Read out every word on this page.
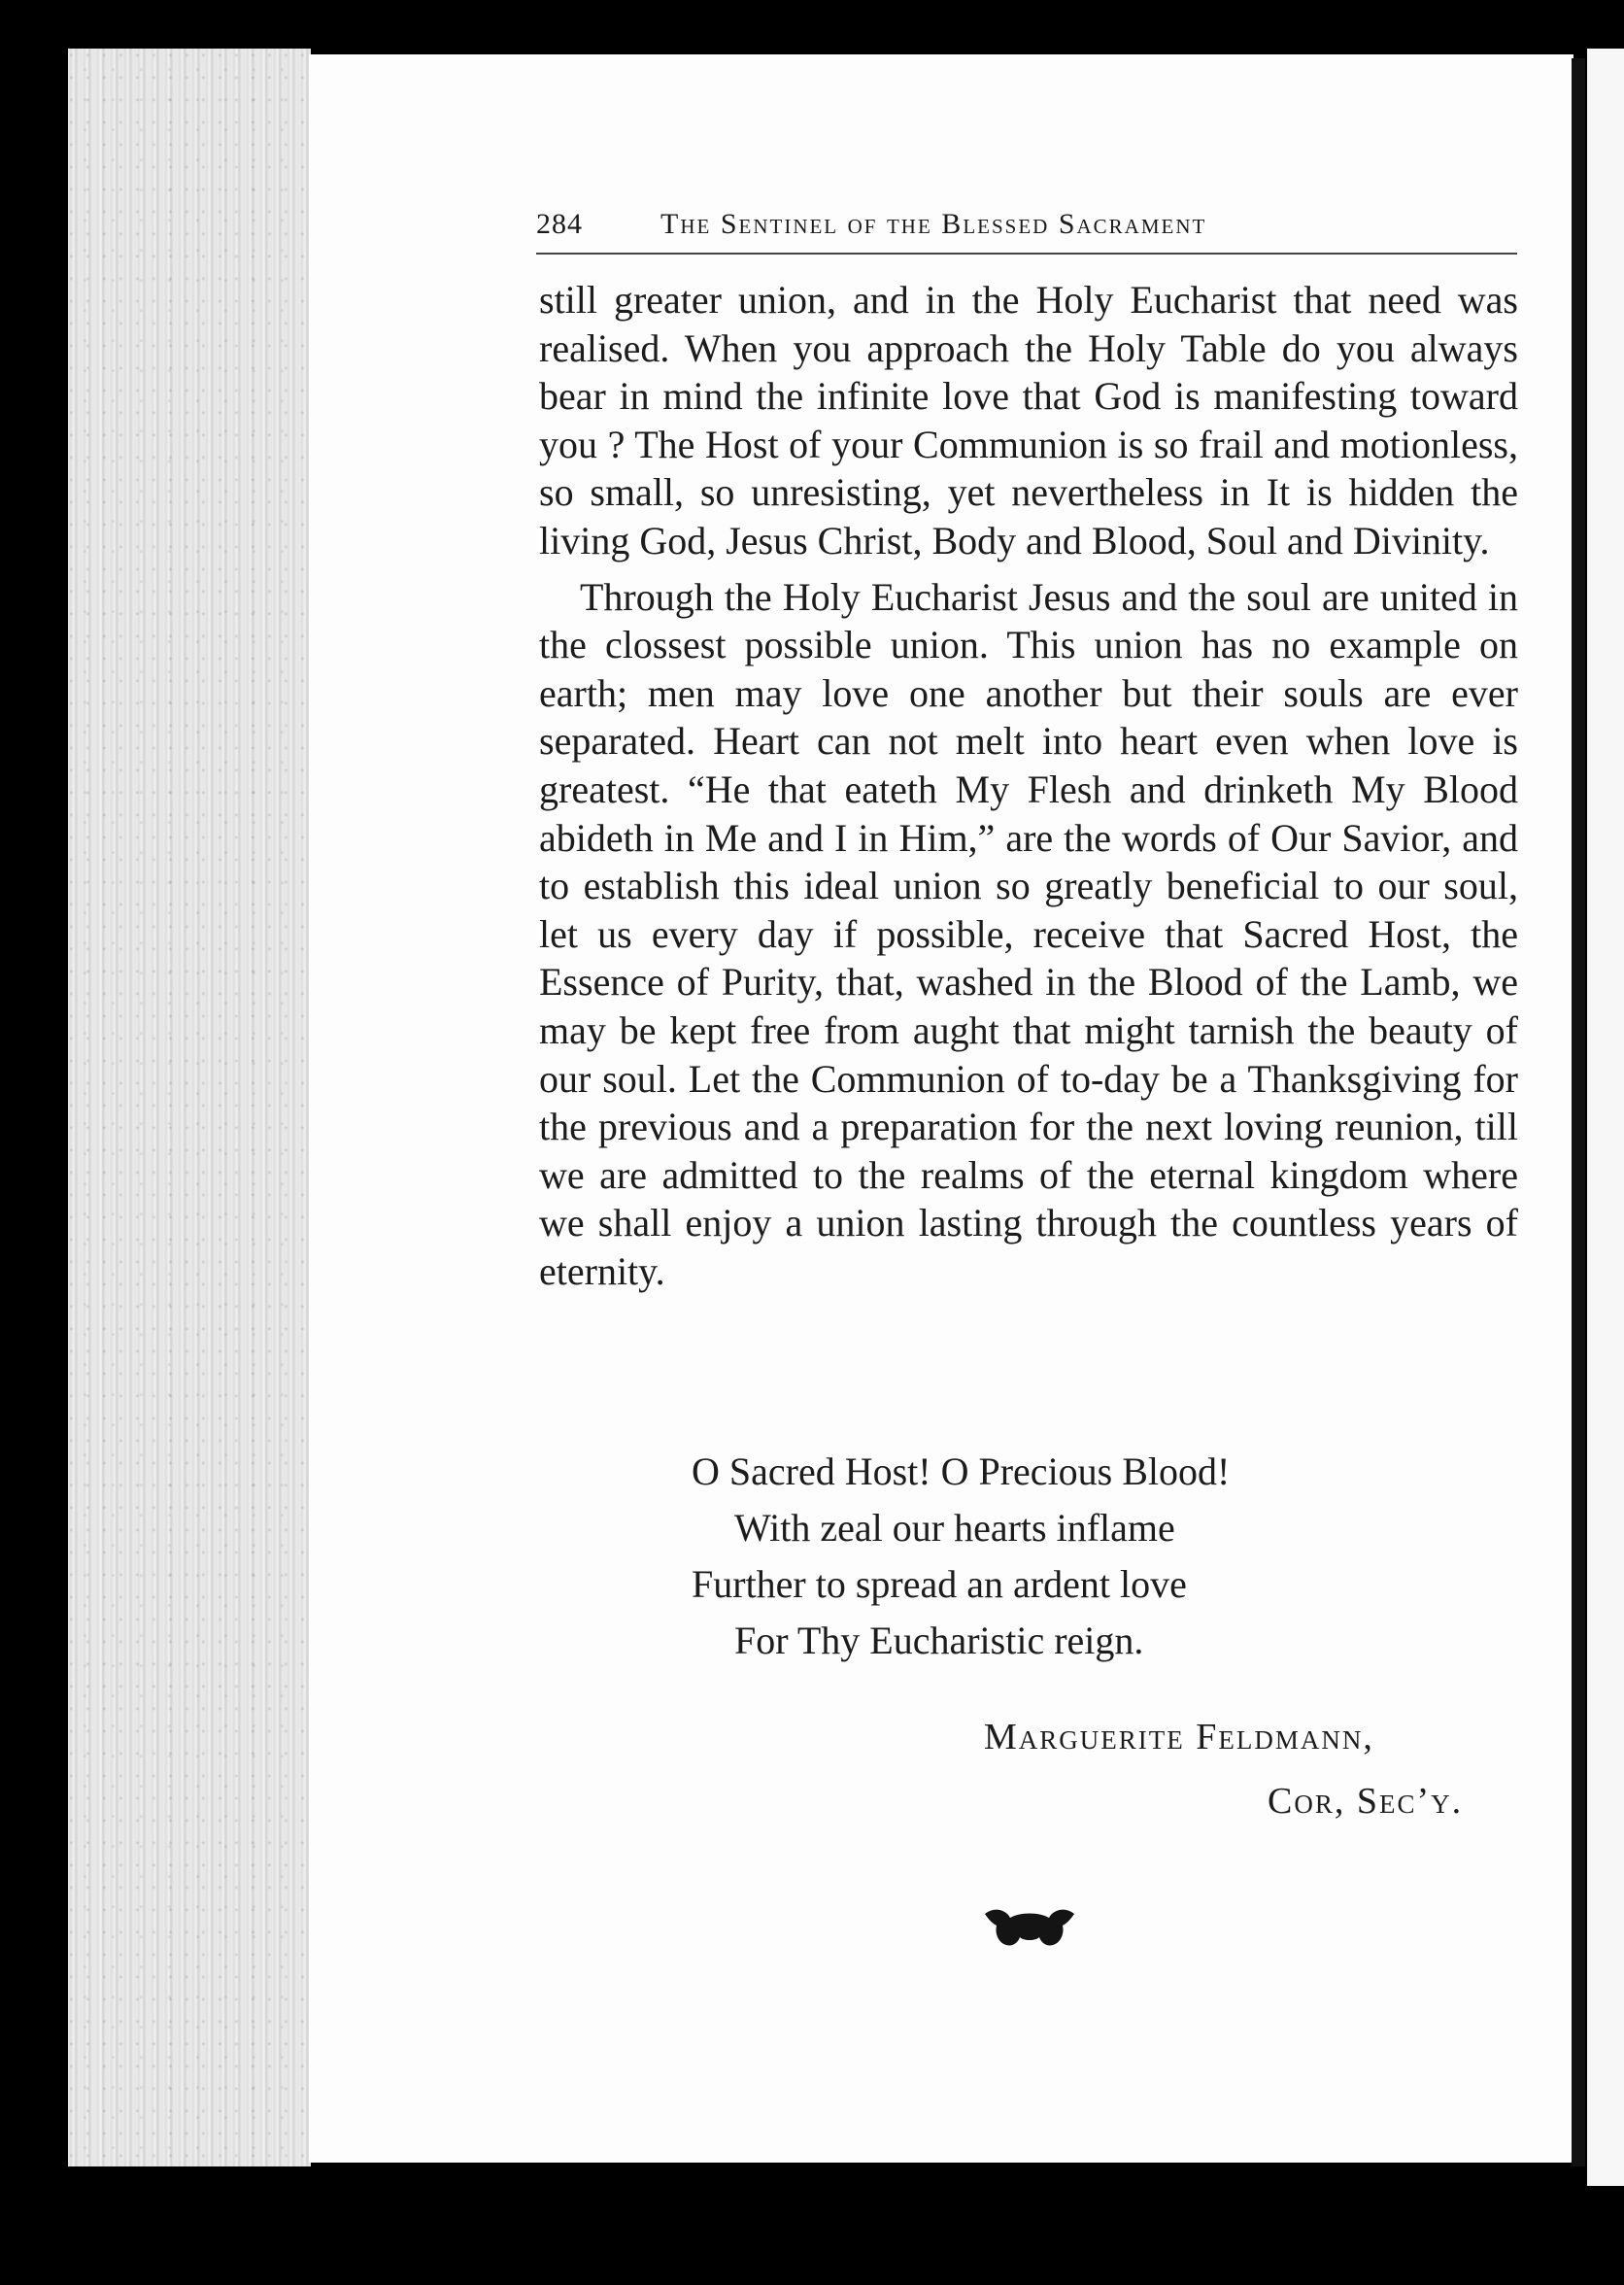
284	The Sentinel of the Blessed Sacrament

still greater union, and in the Holy Eucharist that need was realised. When you approach the Holy Table do you always bear in mind the infinite love that God is manifesting toward you ? The Host of your Communion is so frail and motionless, so small, so unresisting, yet nevertheless in It is hidden the living God, Jesus Christ, Body and Blood, Soul and Divinity.

Through the Holy Eucharist Jesus and the soul are united in the clossest possible union. This union has no example on earth; men may love one another but their souls are ever separated. Heart can not melt into heart even when love is greatest. “He that eateth My Flesh and drinketh My Blood abideth in Me and I in Him,” are the words of Our Savior, and to establish this ideal union so greatly beneficial to our soul, let us every day if possible, receive that Sacred Host, the Essence of Purity, that, washed in the Blood of the Lamb, we may be kept free from aught that might tarnish the beauty of our soul. Let the Communion of to-day be a Thanksgiving for the previous and a preparation for the next loving reunion, till we are admitted to the realms of the eternal kingdom where we shall enjoy a union lasting through the countless years of eternity.

O Sacred Host! O Precious Blood!
With zeal our hearts inflame
Further to spread an ardent love
For Thy Eucharistic reign.
Marguerite Feldmann,
Cor, Sec’y.
